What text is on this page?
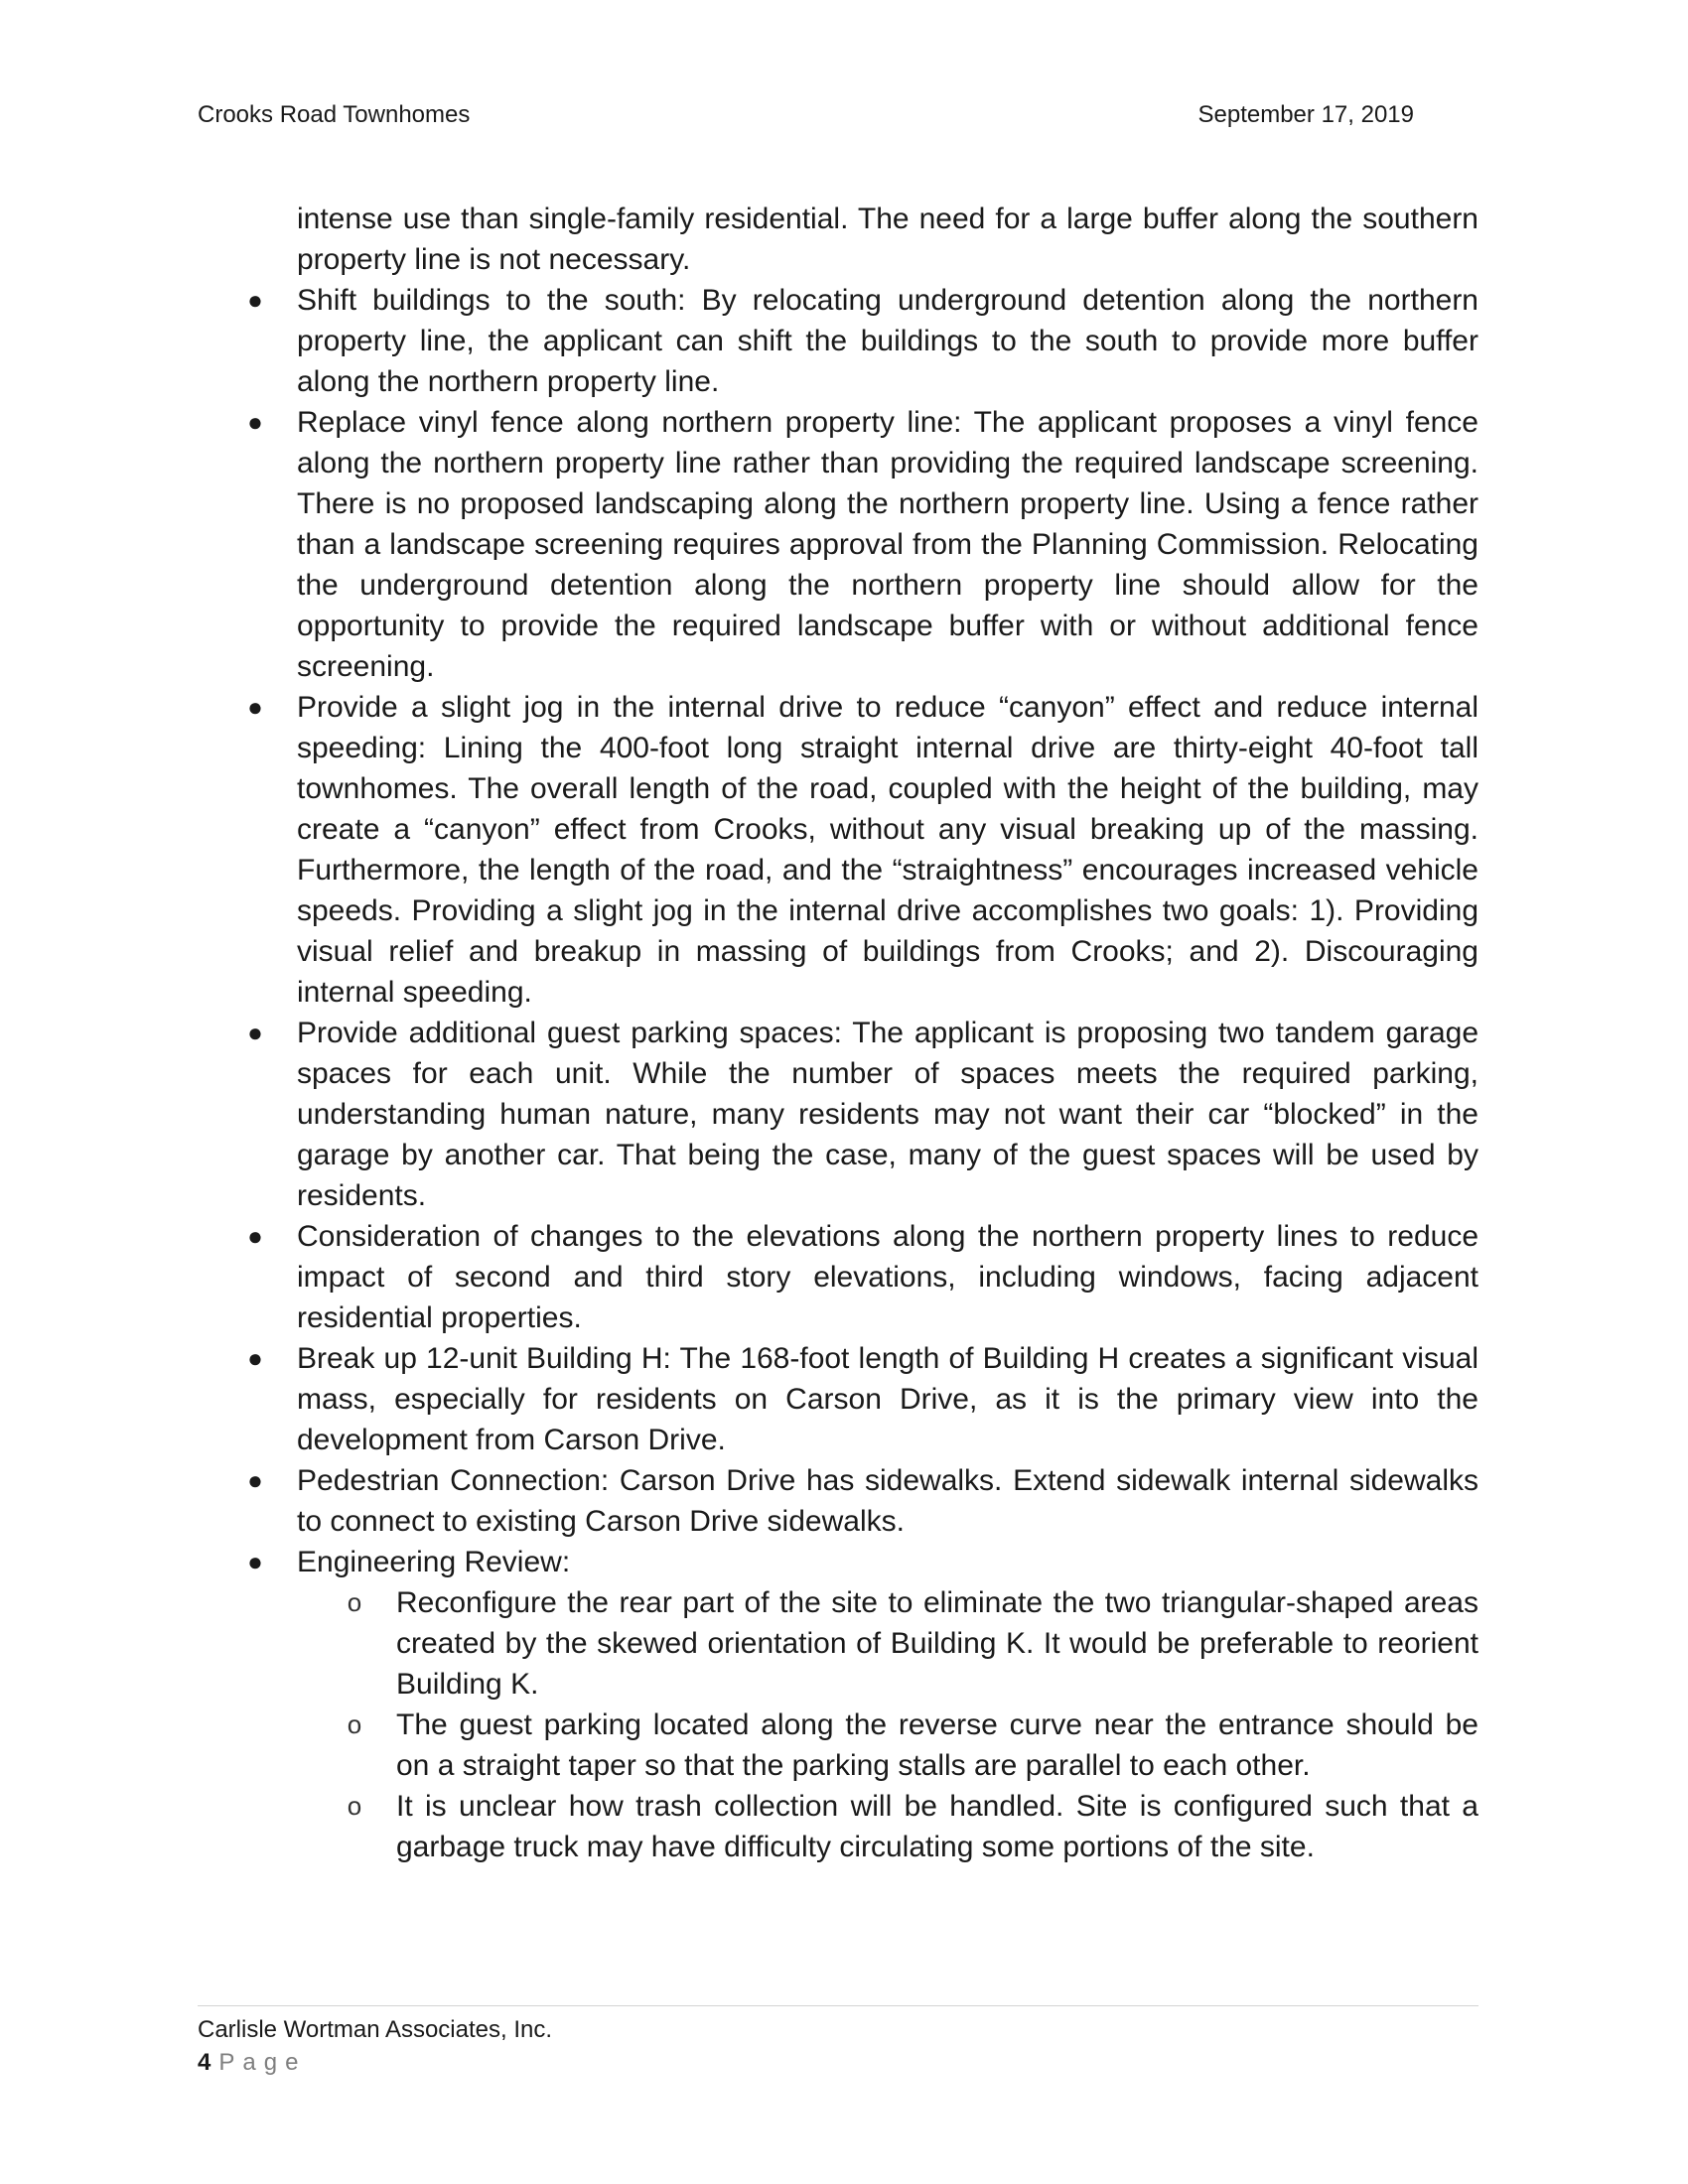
Crooks Road Townhomes	September 17, 2019

intense use than single-family residential. The need for a large buffer along the southern property line is not necessary.

● Shift buildings to the south: By relocating underground detention along the northern property line, the applicant can shift the buildings to the south to provide more buffer along the northern property line.
● Replace vinyl fence along northern property line: The applicant proposes a vinyl fence along the northern property line rather than providing the required landscape screening. There is no proposed landscaping along the northern property line. Using a fence rather than a landscape screening requires approval from the Planning Commission. Relocating the underground detention along the northern property line should allow for the opportunity to provide the required landscape buffer with or without additional fence screening.
● Provide a slight jog in the internal drive to reduce “canyon” effect and reduce internal speeding: Lining the 400-foot long straight internal drive are thirty-eight 40-foot tall townhomes. The overall length of the road, coupled with the height of the building, may create a “canyon” effect from Crooks, without any visual breaking up of the massing. Furthermore, the length of the road, and the “straightness” encourages increased vehicle speeds. Providing a slight jog in the internal drive accomplishes two goals: 1). Providing visual relief and breakup in massing of buildings from Crooks; and 2). Discouraging internal speeding.
● Provide additional guest parking spaces: The applicant is proposing two tandem garage spaces for each unit. While the number of spaces meets the required parking, understanding human nature, many residents may not want their car “blocked” in the garage by another car. That being the case, many of the guest spaces will be used by residents.
● Consideration of changes to the elevations along the northern property lines to reduce impact of second and third story elevations, including windows, facing adjacent residential properties.
● Break up 12-unit Building H: The 168-foot length of Building H creates a significant visual mass, especially for residents on Carson Drive, as it is the primary view into the development from Carson Drive.
● Pedestrian Connection: Carson Drive has sidewalks. Extend sidewalk internal sidewalks to connect to existing Carson Drive sidewalks.
● Engineering Review:
o Reconfigure the rear part of the site to eliminate the two triangular-shaped areas created by the skewed orientation of Building K. It would be preferable to reorient Building K.
o The guest parking located along the reverse curve near the entrance should be on a straight taper so that the parking stalls are parallel to each other.
o It is unclear how trash collection will be handled. Site is configured such that a garbage truck may have difficulty circulating some portions of the site.
Carlisle Wortman Associates, Inc.
4 Page
